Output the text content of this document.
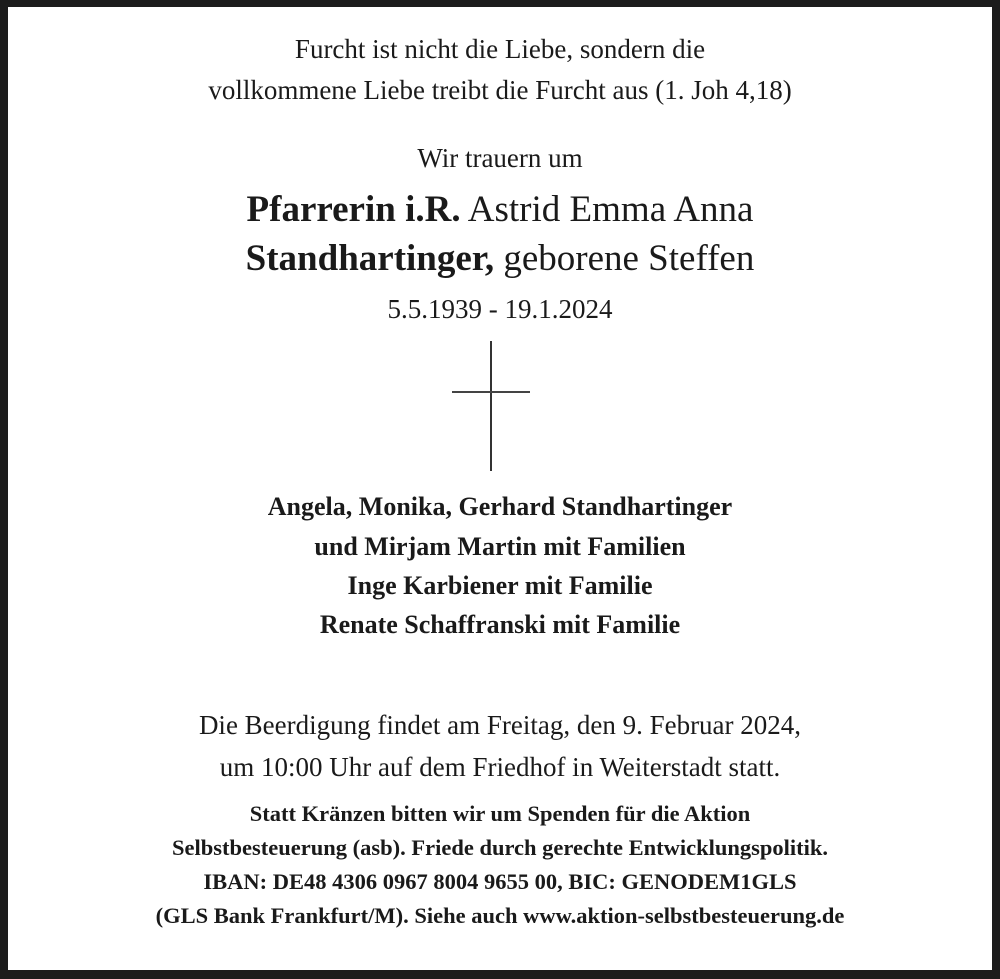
Furcht ist nicht die Liebe, sondern die
vollkommene Liebe treibt die Furcht aus (1. Joh 4,18)
Wir trauern um
Pfarrerin i.R. Astrid Emma Anna
Standhartinger, geborene Steffen
5.5.1939 - 19.1.2024
Angela, Monika, Gerhard Standhartinger
und Mirjam Martin mit Familien
Inge Karbiener mit Familie
Renate Schaffranski mit Familie
Die Beerdigung findet am Freitag, den 9. Februar 2024,
um 10:00 Uhr auf dem Friedhof in Weiterstadt statt.
Statt Kränzen bitten wir um Spenden für die Aktion
Selbstbesteuerung (asb). Friede durch gerechte Entwicklungspolitik.
IBAN: DE48 4306 0967 8004 9655 00, BIC: GENODEM1GLS
(GLS Bank Frankfurt/M). Siehe auch www.aktion-selbstbesteuerung.de
